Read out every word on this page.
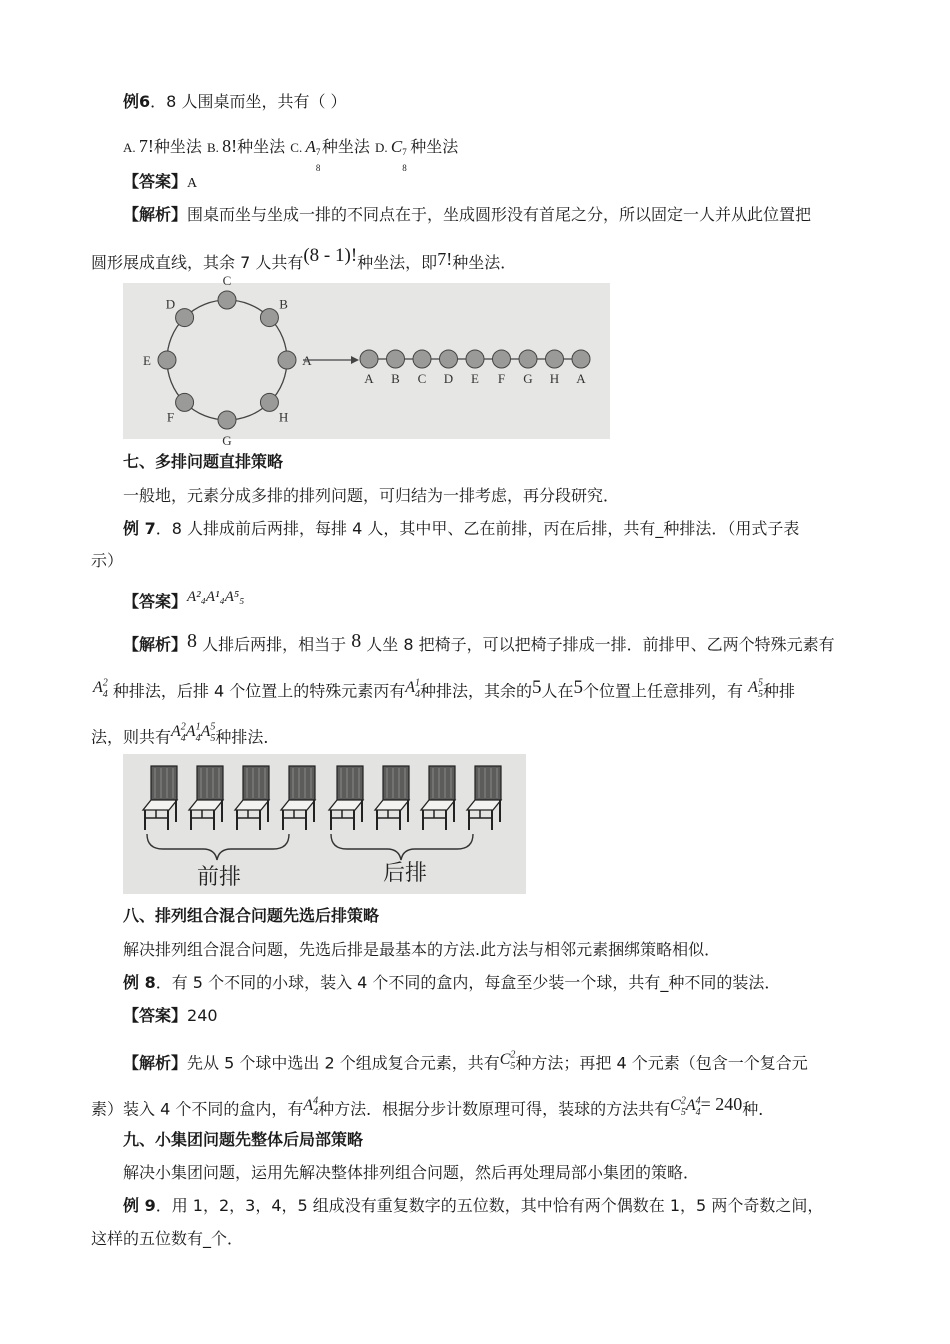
例6．8 人围桌而坐，共有（ ）
A. 7!种坐法 B. 8!种坐法 C. A 7
8
种坐法 D. C 7
8
种坐法
【答案】A
【解析】围桌而坐与坐成一排的不同点在于，坐成圆形没有首尾之分，所以固定一人并从此位置把
圆形展成直线，其余 7 人共有(8 - 1)!种坐法，即7!种坐法．
C
B
A
H
G
F
E
D
A B C D E F G H A
七、多排问题直排策略
一般地，元素分成多排的排列问题，可归结为一排考虑，再分段研究．
例 7．8 人排成前后两排，每排 4 人，其中甲、乙在前排，丙在后排，共有_种排法．（用式子表
示）
【答案】A²₄A¹₄A⁵₅
【解析】8 人排后两排，相当于 8 人坐 8 把椅子，可以把椅子排成一排．前排甲、乙两个特殊元素有
$A^2_4$ 种排法，后排 4 个位置上的特殊元素丙有$A^1_4$种排法，其余的5人在5个位置上任意排列，有 $A^5_5$种排
法，则共有$A^2_4A^1_4A^5_5$种排法．
前排	后排
八、排列组合混合问题先选后排策略
解决排列组合混合问题，先选后排是最基本的方法.此方法与相邻元素捆绑策略相似．
例 8．有 5 个不同的小球，装入 4 个不同的盒内，每盒至少装一个球，共有_种不同的装法．
【答案】240
【解析】先从 5 个球中选出 2 个组成复合元素，共有$C^2_5$种方法；再把 4 个元素（包含一个复合元
素）装入 4 个不同的盒内，有$A^4_4$种方法．根据分步计数原理可得，装球的方法共有$C^2_5A^4_4= 240$种．
九、小集团问题先整体后局部策略
解决小集团问题，运用先解决整体排列组合问题，然后再处理局部小集团的策略．
例 9．用 1，2，3，4，5 组成没有重复数字的五位数，其中恰有两个偶数在 1，5 两个奇数之间，
这样的五位数有_个．
